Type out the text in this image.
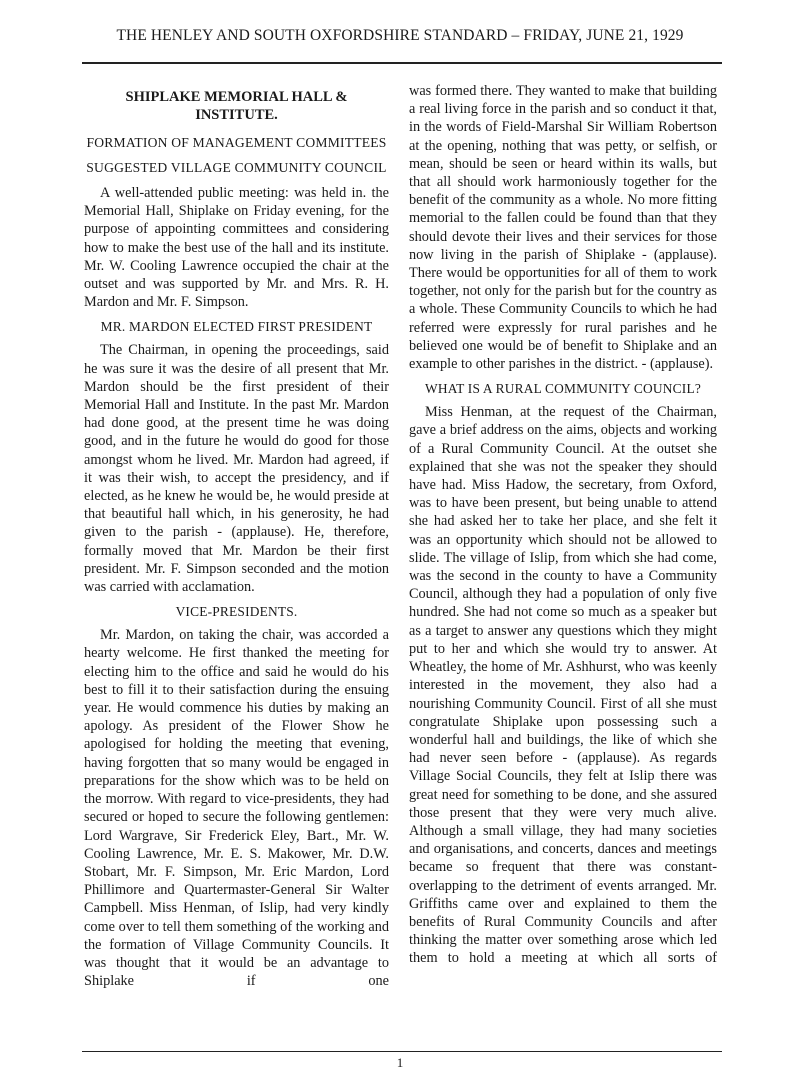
THE HENLEY AND SOUTH OXFORDSHIRE STANDARD – FRIDAY, JUNE 21, 1929
SHIPLAKE MEMORIAL HALL & INSTITUTE.
FORMATION OF MANAGEMENT COMMITTEES
SUGGESTED VILLAGE COMMUNITY COUNCIL

A well-attended public meeting: was held in. the Memorial Hall, Shiplake on Friday evening, for the purpose of appointing committees and considering how to make the best use of the hall and its institute. Mr. W. Cooling Lawrence occupied the chair at the outset and was supported by Mr. and Mrs. R. H. Mardon and Mr. F. Simpson.

MR. MARDON ELECTED FIRST PRESIDENT

The Chairman, in opening the proceedings, said he was sure it was the desire of all present that Mr. Mardon should be the first president of their Memorial Hall and Institute. In the past Mr. Mardon had done good, at the present time he was doing good, and in the future he would do good for those amongst whom he lived. Mr. Mardon had agreed, if it was their wish, to accept the presidency, and if elected, as he knew he would be, he would preside at that beautiful hall which, in his generosity, he had given to the parish - (applause). He, therefore, formally moved that Mr. Mardon be their first president. Mr. F. Simpson seconded and the motion was carried with acclamation.

VICE-PRESIDENTS.

Mr. Mardon, on taking the chair, was accorded a hearty welcome. He first thanked the meeting for electing him to the office and said he would do his best to fill it to their satisfaction during the ensuing year. He would commence his duties by making an apology. As president of the Flower Show he apologised for holding the meeting that evening, having forgotten that so many would be engaged in preparations for the show which was to be held on the morrow. With regard to vice-presidents, they had secured or hoped to secure the following gentlemen: Lord Wargrave, Sir Frederick Eley, Bart., Mr. W. Cooling Lawrence, Mr. E. S. Makower, Mr. D.W. Stobart, Mr. F. Simpson, Mr. Eric Mardon, Lord Phillimore and Quartermaster-General Sir Walter Campbell. Miss Henman, of Islip, had very kindly come over to tell them something of the working and the formation of Village Community Councils. It was thought that it would be an advantage to Shiplake if one

was formed there. They wanted to make that building a real living force in the parish and so conduct it that, in the words of Field-Marshal Sir William Robertson at the opening, nothing that was petty, or selfish, or mean, should be seen or heard within its walls, but that all should work harmoniously together for the benefit of the community as a whole. No more fitting memorial to the fallen could be found than that they should devote their lives and their services for those now living in the parish of Shiplake - (applause). There would be opportunities for all of them to work together, not only for the parish but for the country as a whole. These Community Councils to which he had referred were expressly for rural parishes and he believed one would be of benefit to Shiplake and an example to other parishes in the district. - (applause).

WHAT IS A RURAL COMMUNITY COUNCIL?

Miss Henman, at the request of the Chairman, gave a brief address on the aims, objects and working of a Rural Community Council. At the outset she explained that she was not the speaker they should have had. Miss Hadow, the secretary, from Oxford, was to have been present, but being unable to attend she had asked her to take her place, and she felt it was an opportunity which should not be allowed to slide. The village of Islip, from which she had come, was the second in the county to have a Community Council, although they had a population of only five hundred. She had not come so much as a speaker but as a target to answer any questions which they might put to her and which she would try to answer. At Wheatley, the home of Mr. Ashhurst, who was keenly interested in the movement, they also had a nourishing Community Council. First of all she must congratulate Shiplake upon possessing such a wonderful hall and buildings, the like of which she had never seen before - (applause). As regards Village Social Councils, they felt at Islip there was great need for something to be done, and she assured those present that they were very much alive. Although a small village, they had many societies and organisations, and concerts, dances and meetings became so frequent that there was constant-overlapping to the detriment of events arranged. Mr. Griffiths came over and explained to them the benefits of Rural Community Councils and after thinking the matter over something arose which led them to hold a meeting at which all sorts of

1
